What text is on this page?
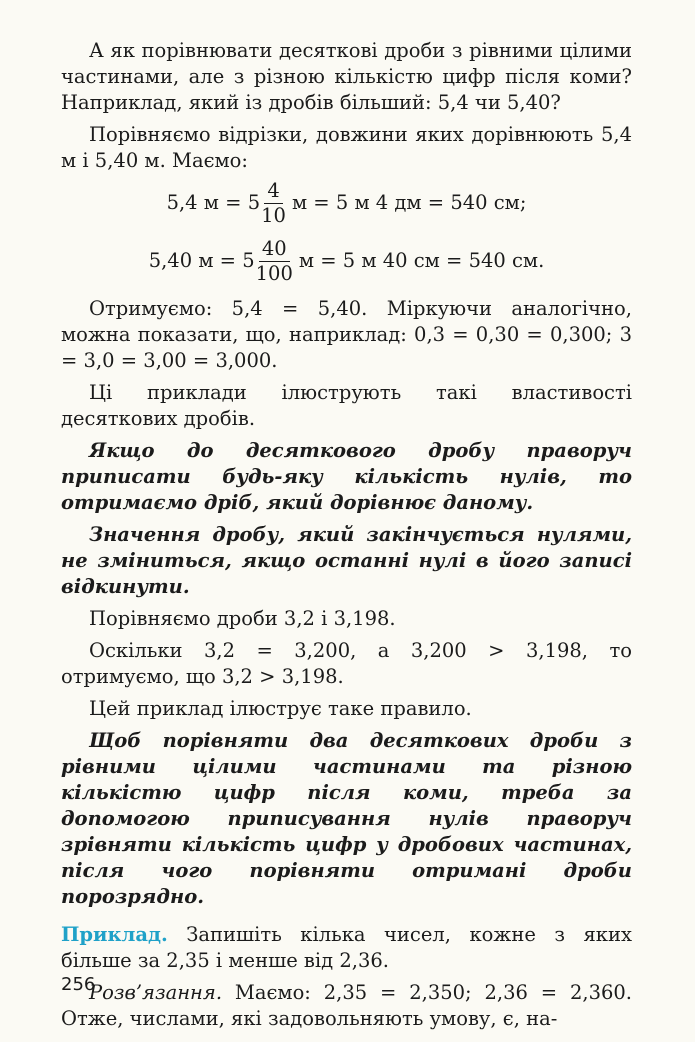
А як порівнювати десяткові дроби з рівними цілими частинами, але з різною кількістю цифр після коми? Наприклад, який із дробів більший: 5,4 чи 5,40?

Порівняємо відрізки, довжини яких дорівнюють 5,4 м і 5,40 м. Маємо:

5,4 $м = 5 \frac{4}{10}$ м = 5 м 4 дм = 540 см;
5,40 $м = 5 \frac{40}{100}$ м = 5 м 40 см = 540 см.

Отримуємо: 5,4 = 5,40. Міркуючи аналогічно, можна показати, що, наприклад: 0,3 = 0,30 = 0,300; 3 = 3,0 = 3,00 = 3,000.

Ці приклади ілюструють такі властивості десяткових дробів.

Якщо до десяткового дробу праворуч приписати будь-яку кількість нулів, то отримаємо дріб, який дорівнює даному.

Значення дробу, який закінчується нулями, не зміниться, якщо останні нулі в його записі відкинути.

Порівняємо дроби 3,2 і 3,198.

Оскільки 3,2 = 3,200, а 3,200 > 3,198, то отримуємо, що 3,2 > 3,198.

Цей приклад ілюструє таке правило.

Щоб порівняти два десяткових дроби з рівними цілими частинами та різною кількістю цифр після коми, треба за допомогою приписування нулів праворуч зрівняти кількість цифр у дробових частинах, після чого порівняти отримані дроби порозрядно.

Приклад. Запишіть кілька чисел, кожне з яких більше за 2,35 і менше від 2,36.

Розв’язання. Маємо: 2,35 = 2,350; 2,36 = 2,360. Отже, числами, які задовольняють умову, є, на-

256
